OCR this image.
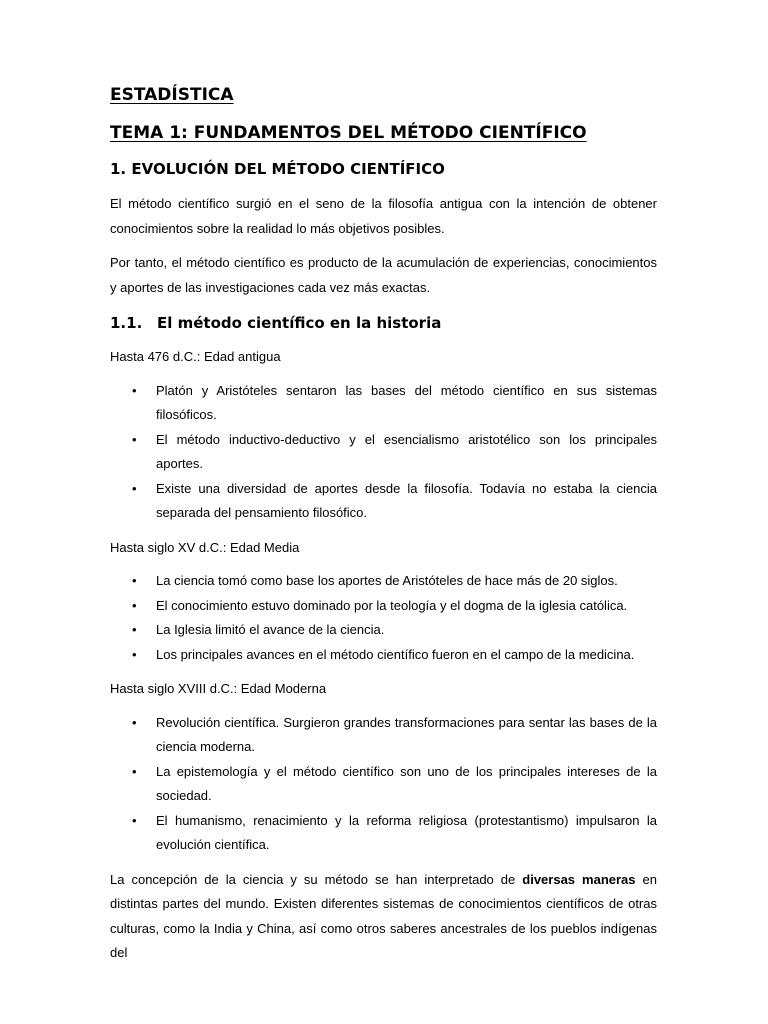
ESTADÍSTICA
TEMA 1: FUNDAMENTOS DEL MÉTODO CIENTÍFICO
1. EVOLUCIÓN DEL MÉTODO CIENTÍFICO

El método científico surgió en el seno de la filosofía antigua con la intención de obtener conocimientos sobre la realidad lo más objetivos posibles.

Por tanto, el método científico es producto de la acumulación de experiencias, conocimientos y aportes de las investigaciones cada vez más exactas.

1.1. El método científico en la historia

Hasta 476 d.C.: Edad antigua

• Platón y Aristóteles sentaron las bases del método científico en sus sistemas filosóficos.
• El método inductivo-deductivo y el esencialismo aristotélico son los principales aportes.
• Existe una diversidad de aportes desde la filosofía. Todavía no estaba la ciencia separada del pensamiento filosófico.

Hasta siglo XV d.C.: Edad Media

• La ciencia tomó como base los aportes de Aristóteles de hace más de 20 siglos.
• El conocimiento estuvo dominado por la teología y el dogma de la iglesia católica.
• La Iglesia limitó el avance de la ciencia.
• Los principales avances en el método científico fueron en el campo de la medicina.

Hasta siglo XVIII d.C.: Edad Moderna

• Revolución científica. Surgieron grandes transformaciones para sentar las bases de la ciencia moderna.
• La epistemología y el método científico son uno de los principales intereses de la sociedad.
• El humanismo, renacimiento y la reforma religiosa (protestantismo) impulsaron la evolución científica.

La concepción de la ciencia y su método se han interpretado de diversas maneras en distintas partes del mundo. Existen diferentes sistemas de conocimientos científicos de otras culturas, como la India y China, así como otros saberes ancestrales de los pueblos indígenas del
